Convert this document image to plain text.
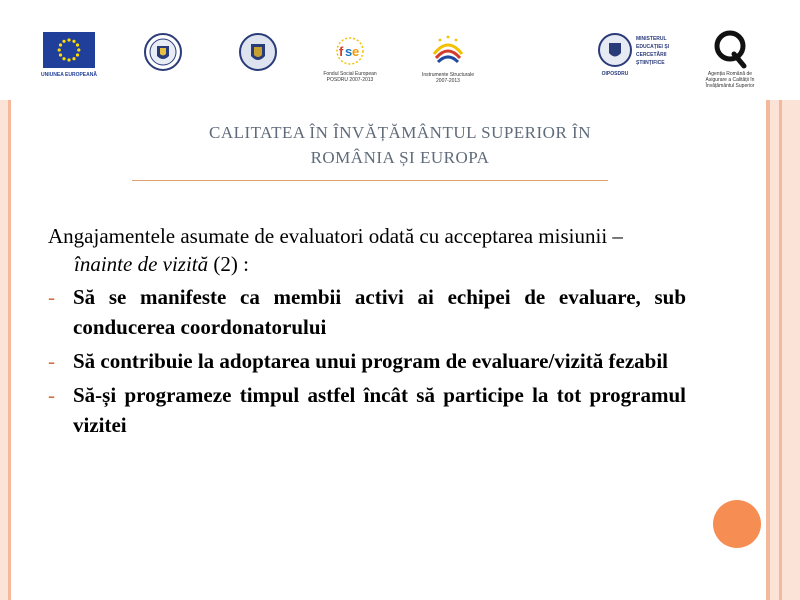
UNIUNEA EUROPEANĂ
f s e
Fondul Social European
POSDRU 2007-2013
Instrumente Structurale
2007-2013
OIPOSDRU
MINISTERUL
EDUCAȚIEI ȘI
CERCETĂRII
ȘTIINȚIFICE
Agenția Română de
Asigurare a Calității în
Învățământul Superior
CALITATEA ÎN ÎNVĂȚĂMÂNTUL SUPERIOR ÎN
ROMÂNIA ȘI EUROPA

Angajamentele asumate de evaluatori odată cu acceptarea misiunii – înainte de vizită (2) :

- Să se manifeste ca membii activi ai echipei de evaluare, sub conducerea coordonatorului
- Să contribuie la adoptarea unui program de evaluare/vizită fezabil
- Să-și programeze timpul astfel încât să participe la tot programul vizitei
